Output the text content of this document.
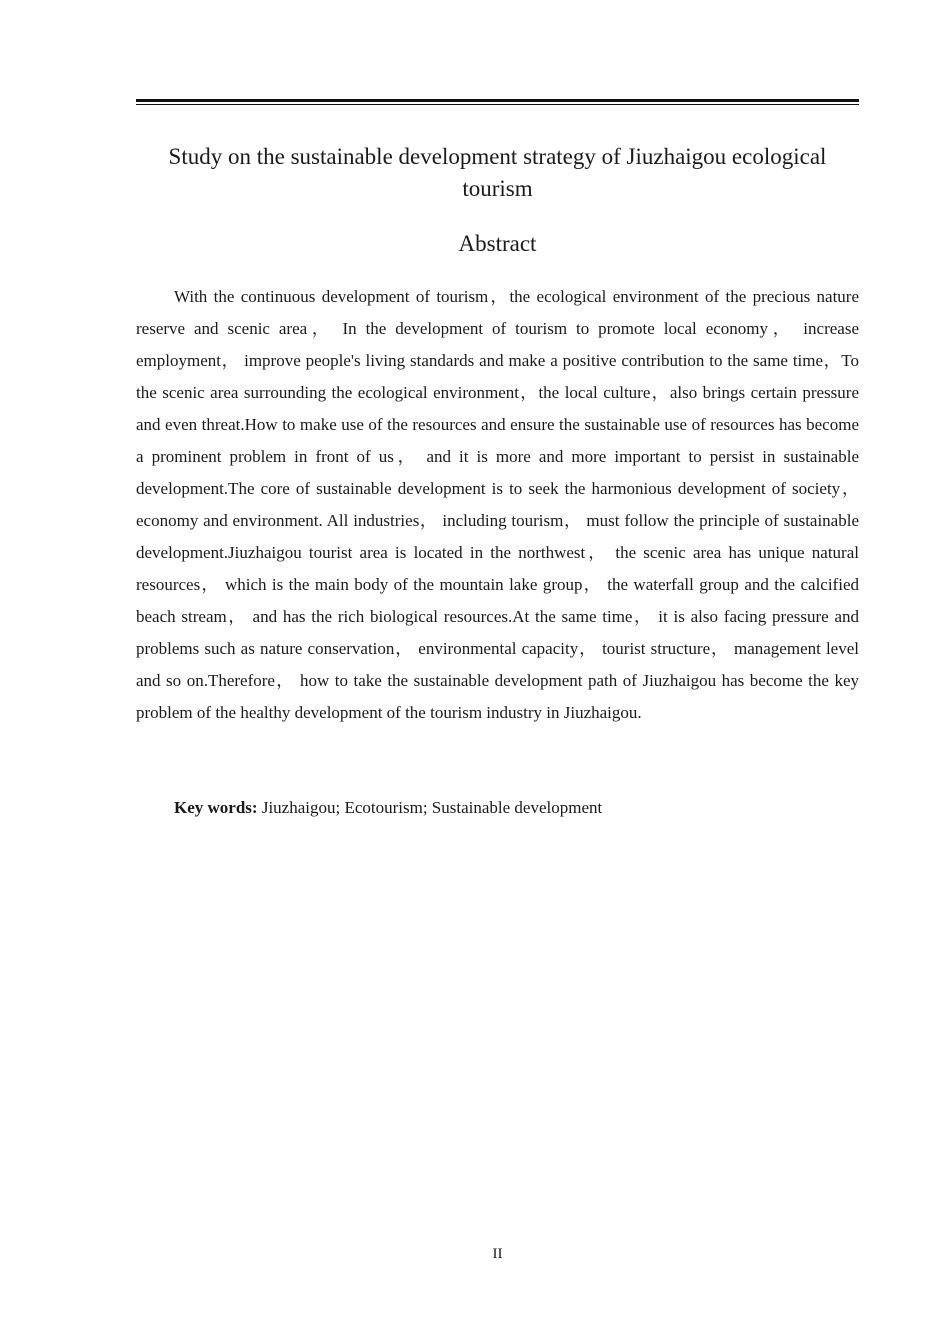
Study on the sustainable development strategy of Jiuzhaigou ecological tourism
Abstract

With the continuous development of tourism，the ecological environment of the precious nature reserve and scenic area， In the development of tourism to promote local economy， increase employment， improve people's living standards and make a positive contribution to the same time，To the scenic area surrounding the ecological environment，the local culture，also brings certain pressure and even threat.How to make use of the resources and ensure the sustainable use of resources has become a prominent problem in front of us， and it is more and more important to persist in sustainable development.The core of sustainable development is to seek the harmonious development of society， economy and environment. All industries， including tourism， must follow the principle of sustainable development.Jiuzhaigou tourist area is located in the northwest， the scenic area has unique natural resources， which is the main body of the mountain lake group， the waterfall group and the calcified beach stream， and has the rich biological resources.At the same time， it is also facing pressure and problems such as nature conservation， environmental capacity， tourist structure， management level and so on.Therefore， how to take the sustainable development path of Jiuzhaigou has become the key problem of the healthy development of the tourism industry in Jiuzhaigou.

Key words: Jiuzhaigou; Ecotourism; Sustainable development

II
